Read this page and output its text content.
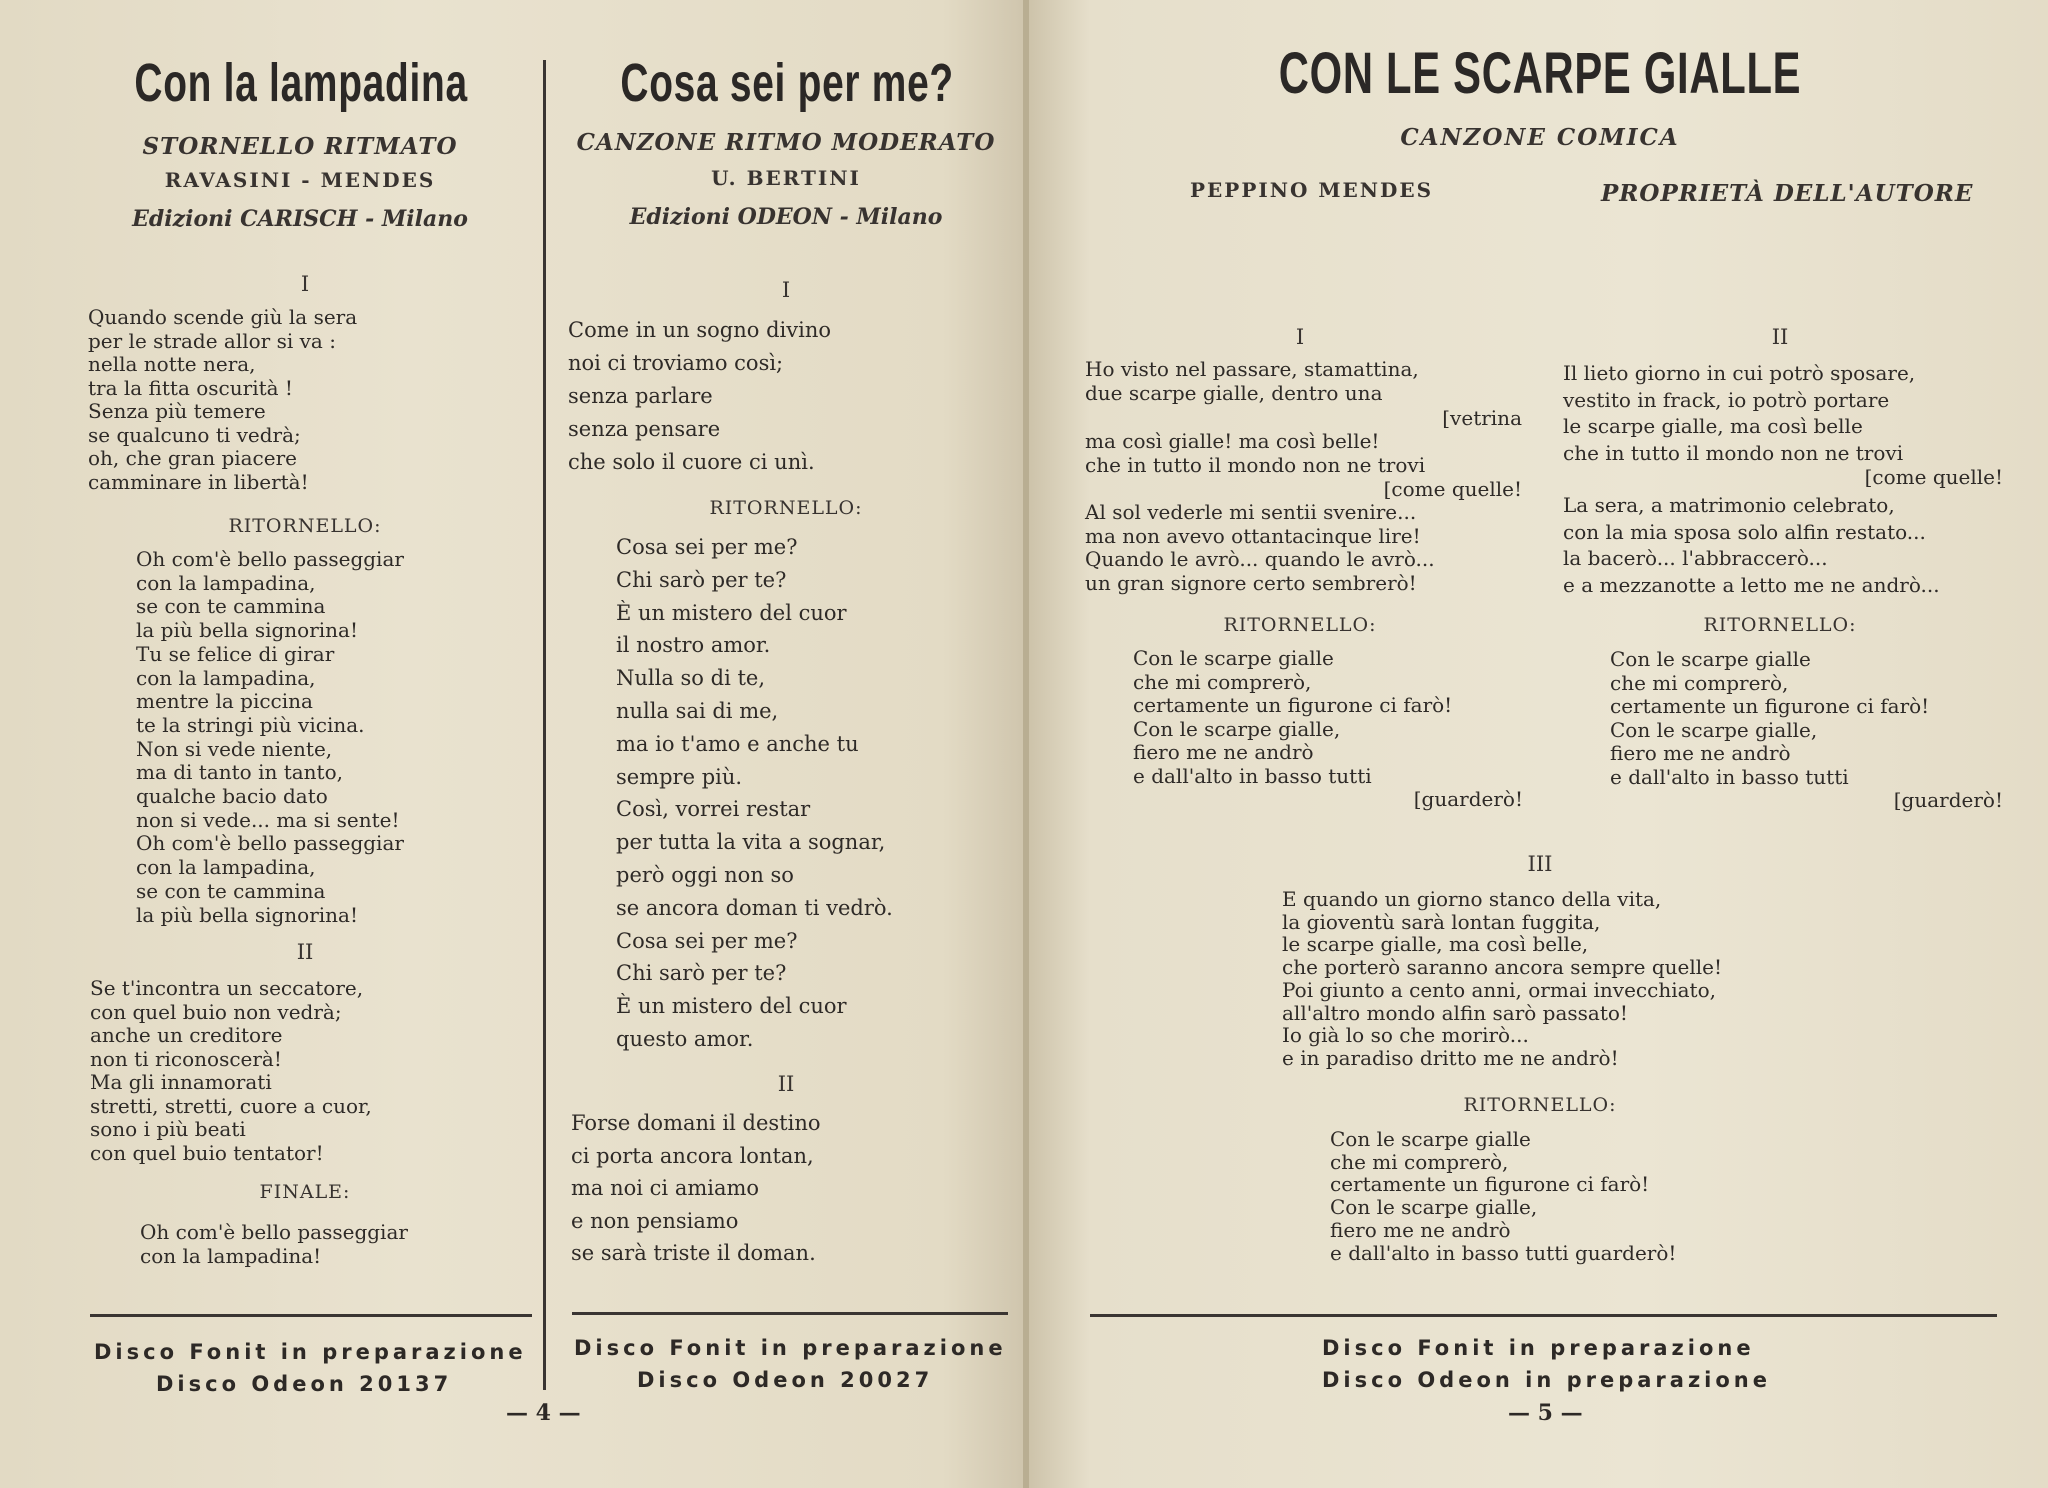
Con la lampadina
STORNELLO RITMATO
RAVASINI - MENDES
Edizioni CARISCH - Milano
I
Quando scende giù la sera
per le strade allor si va :
nella notte nera,
tra la fitta oscurità !
Senza più temere
se qualcuno ti vedrà;
oh, che gran piacere
camminare in libertà!
RITORNELLO:
Oh com'è bello passeggiar
con la lampadina,
se con te cammina
la più bella signorina!
Tu se felice di girar
con la lampadina,
mentre la piccina
te la stringi più vicina.
Non si vede niente,
ma di tanto in tanto,
qualche bacio dato
non si vede... ma si sente!
Oh com'è bello passeggiar
con la lampadina,
se con te cammina
la più bella signorina!
II
Se t'incontra un seccatore,
con quel buio non vedrà;
anche un creditore
non ti riconoscerà!
Ma gli innamorati
stretti, stretti, cuore a cuor,
sono i più beati
con quel buio tentator!
FINALE:
Oh com'è bello passeggiar
con la lampadina!
Disco Fonit in preparazione
Disco Odeon 20137
Cosa sei per me?
CANZONE RITMO MODERATO
U. BERTINI
Edizioni ODEON - Milano
I
Come in un sogno divino
noi ci troviamo così;
senza parlare
senza pensare
che solo il cuore ci unì.
RITORNELLO:
Cosa sei per me?
Chi sarò per te?
È un mistero del cuor
il nostro amor.
Nulla so di te,
nulla sai di me,
ma io t'amo e anche tu
sempre più.
Così, vorrei restar
per tutta la vita a sognar,
però oggi non so
se ancora doman ti vedrò.
Cosa sei per me?
Chi sarò per te?
È un mistero del cuor
questo amor.
II
Forse domani il destino
ci porta ancora lontan,
ma noi ci amiamo
e non pensiamo
se sarà triste il doman.
Disco Fonit in preparazione
Disco Odeon 20027
— 4 —
CON LE SCARPE GIALLE
CANZONE COMICA
PEPPINO MENDES	PROPRIETÀ DELL'AUTORE
I
Ho visto nel passare, stamattina,
due scarpe gialle, dentro una
[vetrina
ma così gialle! ma così belle!
che in tutto il mondo non ne trovi
[come quelle!
Al sol vederle mi sentii svenire...
ma non avevo ottantacinque lire!
Quando le avrò... quando le avrò...
un gran signore certo sembrerò!
RITORNELLO:
Con le scarpe gialle
che mi comprerò,
certamente un figurone ci farò!
Con le scarpe gialle,
fiero me ne andrò
e dall'alto in basso tutti
[guarderò!
II
Il lieto giorno in cui potrò sposare,
vestito in frack, io potrò portare
le scarpe gialle, ma così belle
che in tutto il mondo non ne trovi
[come quelle!
La sera, a matrimonio celebrato,
con la mia sposa solo alfin restato...
la bacerò... l'abbraccerò...
e a mezzanotte a letto me ne andrò...
RITORNELLO:
Con le scarpe gialle
che mi comprerò,
certamente un figurone ci farò!
Con le scarpe gialle,
fiero me ne andrò
e dall'alto in basso tutti
[guarderò!
III
E quando un giorno stanco della vita,
la gioventù sarà lontan fuggita,
le scarpe gialle, ma così belle,
che porterò saranno ancora sempre quelle!
Poi giunto a cento anni, ormai invecchiato,
all'altro mondo alfin sarò passato!
Io già lo so che morirò...
e in paradiso dritto me ne andrò!
RITORNELLO:
Con le scarpe gialle
che mi comprerò,
certamente un figurone ci farò!
Con le scarpe gialle,
fiero me ne andrò
e dall'alto in basso tutti guarderò!
Disco Fonit in preparazione
Disco Odeon in preparazione
— 5 —
